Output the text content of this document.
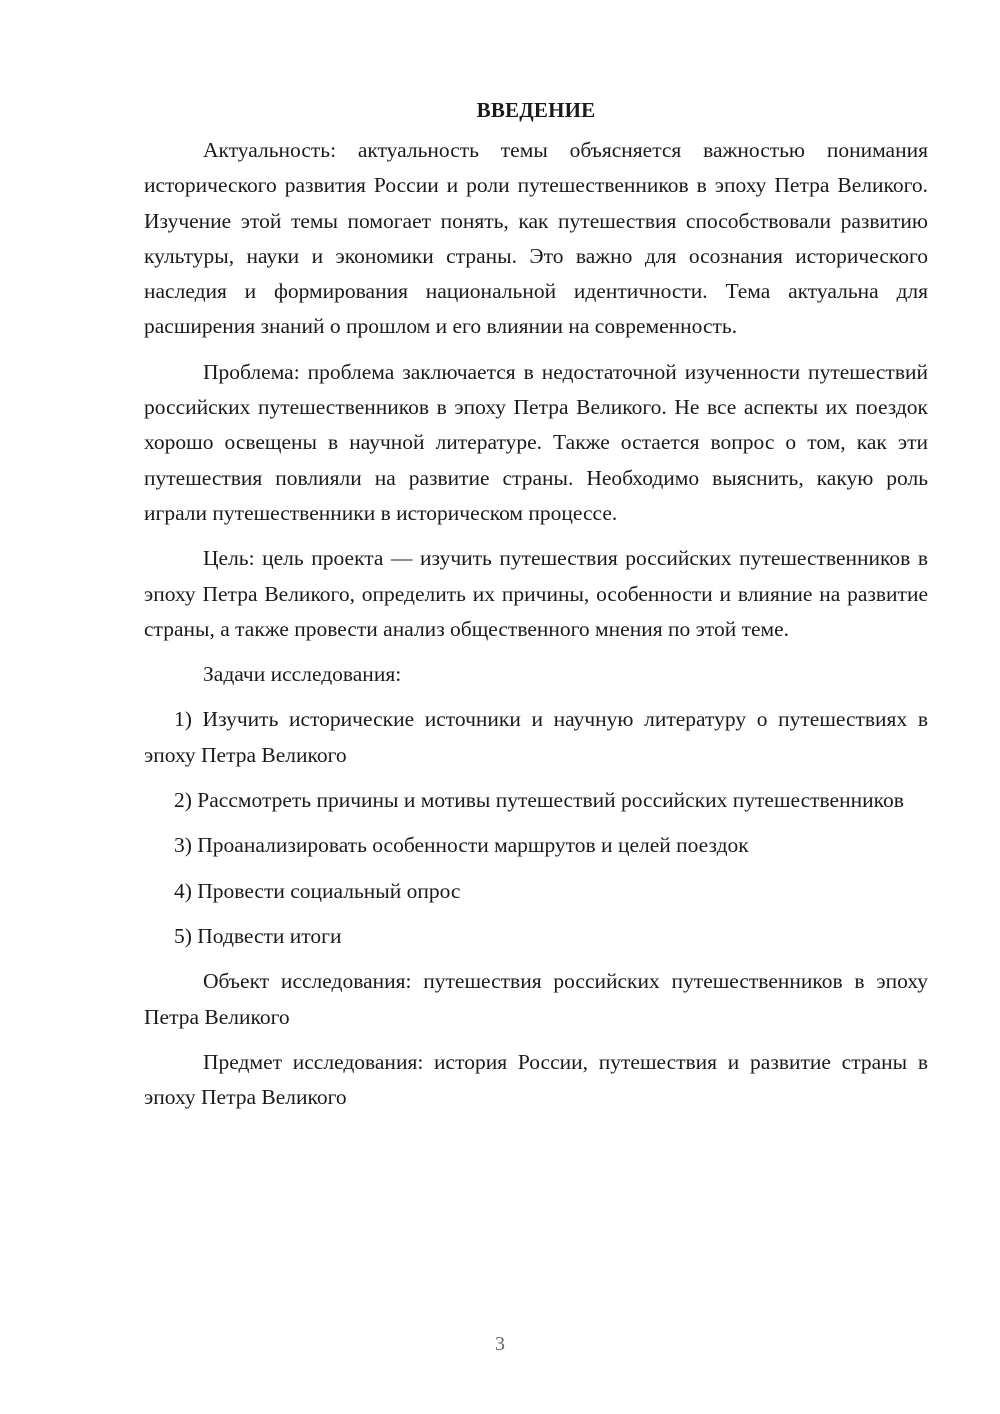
ВВЕДЕНИЕ

Актуальность: актуальность темы объясняется важностью понимания исторического развития России и роли путешественников в эпоху Петра Великого. Изучение этой темы помогает понять, как путешествия способствовали развитию культуры, науки и экономики страны. Это важно для осознания исторического наследия и формирования национальной идентичности. Тема актуальна для расширения знаний о прошлом и его влиянии на современность.

Проблема: проблема заключается в недостаточной изученности путешествий российских путешественников в эпоху Петра Великого. Не все аспекты их поездок хорошо освещены в научной литературе. Также остается вопрос о том, как эти путешествия повлияли на развитие страны. Необходимо выяснить, какую роль играли путешественники в историческом процессе.

Цель: цель проекта — изучить путешествия российских путешественников в эпоху Петра Великого, определить их причины, особенности и влияние на развитие страны, а также провести анализ общественного мнения по этой теме.

Задачи исследования:

1) Изучить исторические источники и научную литературу о путешествиях в эпоху Петра Великого

2) Рассмотреть причины и мотивы путешествий российских путешественников

3) Проанализировать особенности маршрутов и целей поездок

4) Провести социальный опрос

5) Подвести итоги

Объект исследования: путешествия российских путешественников в эпоху Петра Великого

Предмет исследования: история России, путешествия и развитие страны в эпоху Петра Великого

3
